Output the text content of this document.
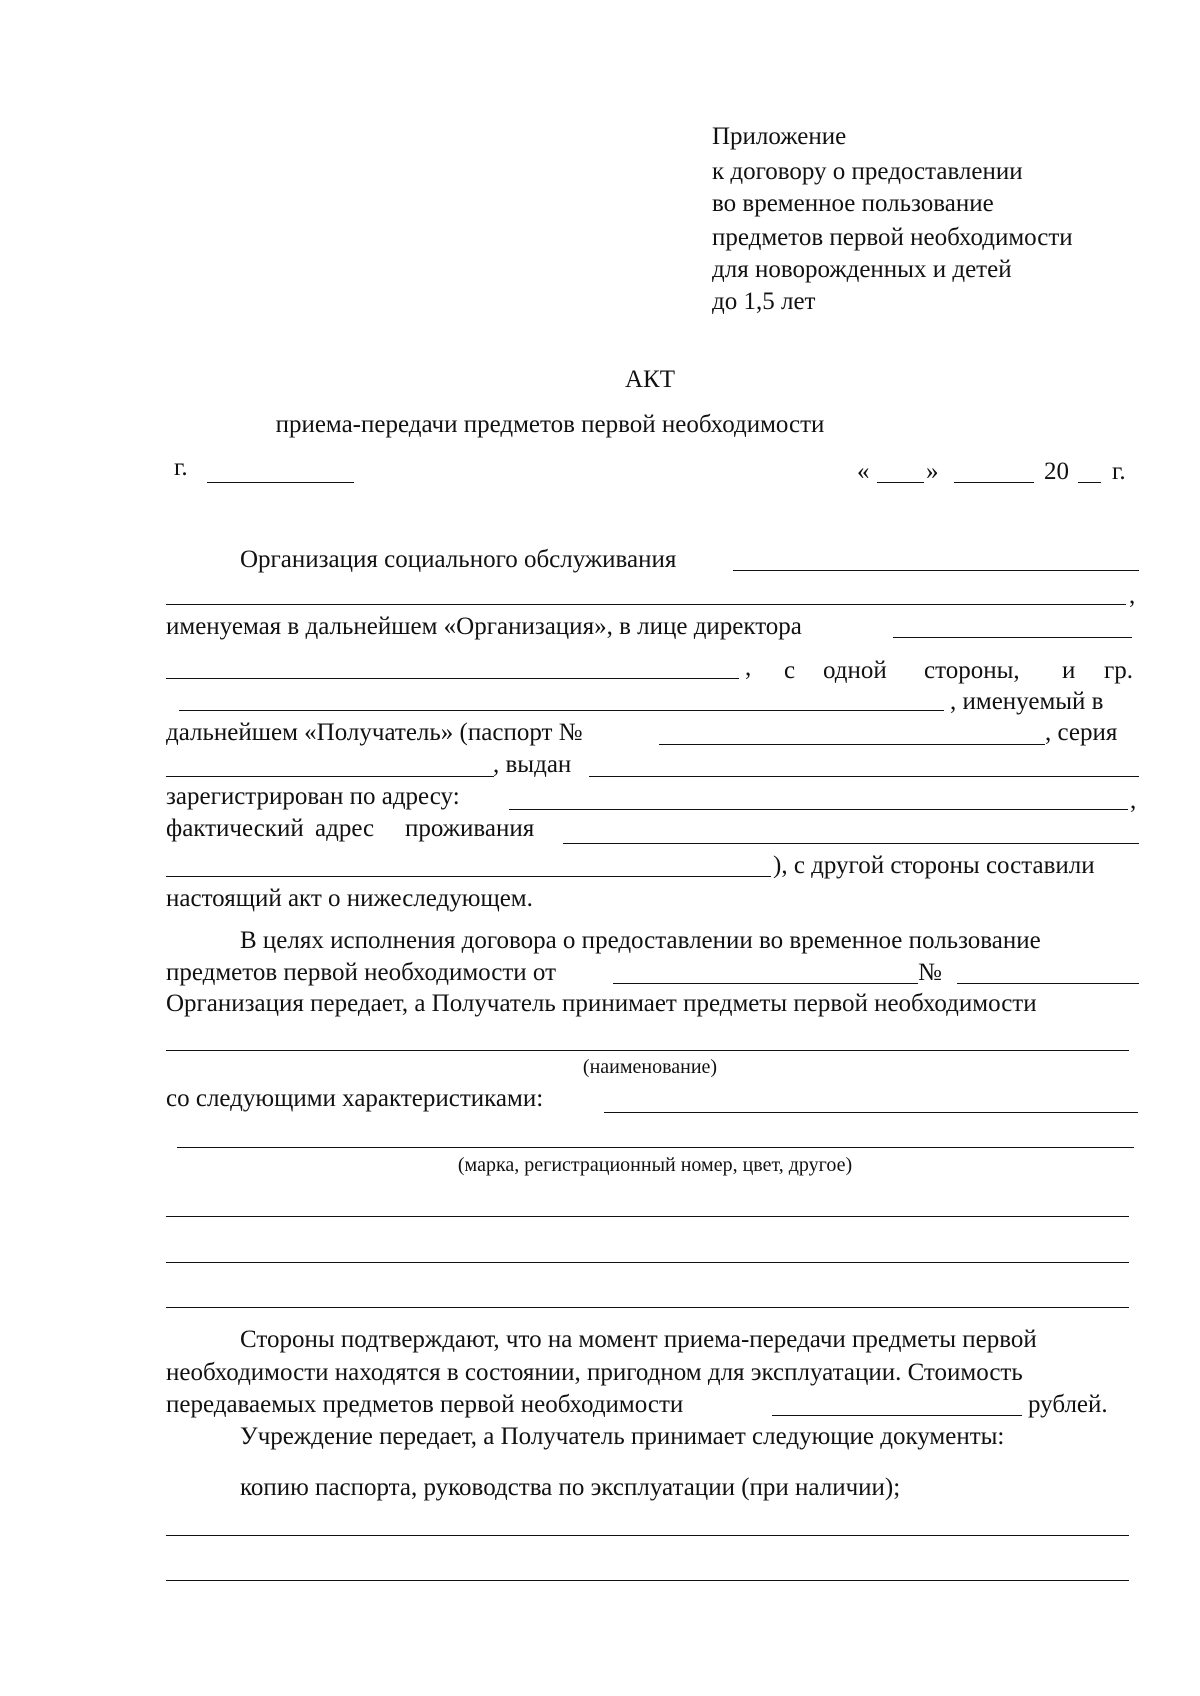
Приложение
к договору о предоставлении
во временное пользование
предметов первой необходимости
для новорожденных и детей
до 1,5 лет
АКТ
приема-передачи предметов первой необходимости
г.	« »	20 г.
Организация социального обслуживания
,
именуемая в дальнейшем «Организация», в лице директора
, с одной стороны, и гр.
, именуемый в
дальнейшем «Получатель» (паспорт №	, серия
, выдан
зарегистрирован по адресу:	,
фактический адрес проживания
), с другой стороны составили
настоящий акт о нижеследующем.
В целях исполнения договора о предоставлении во временное пользование
предметов первой необходимости от	№
Организация передает, а Получатель принимает предметы первой необходимости
(наименование)
со следующими характеристиками:
(марка, регистрационный номер, цвет, другое)
Стороны подтверждают, что на момент приема-передачи предметы первой
необходимости находятся в состоянии, пригодном для эксплуатации. Стоимость
передаваемых предметов первой необходимости	рублей.
Учреждение передает, а Получатель принимает следующие документы:
копию паспорта, руководства по эксплуатации (при наличии);
